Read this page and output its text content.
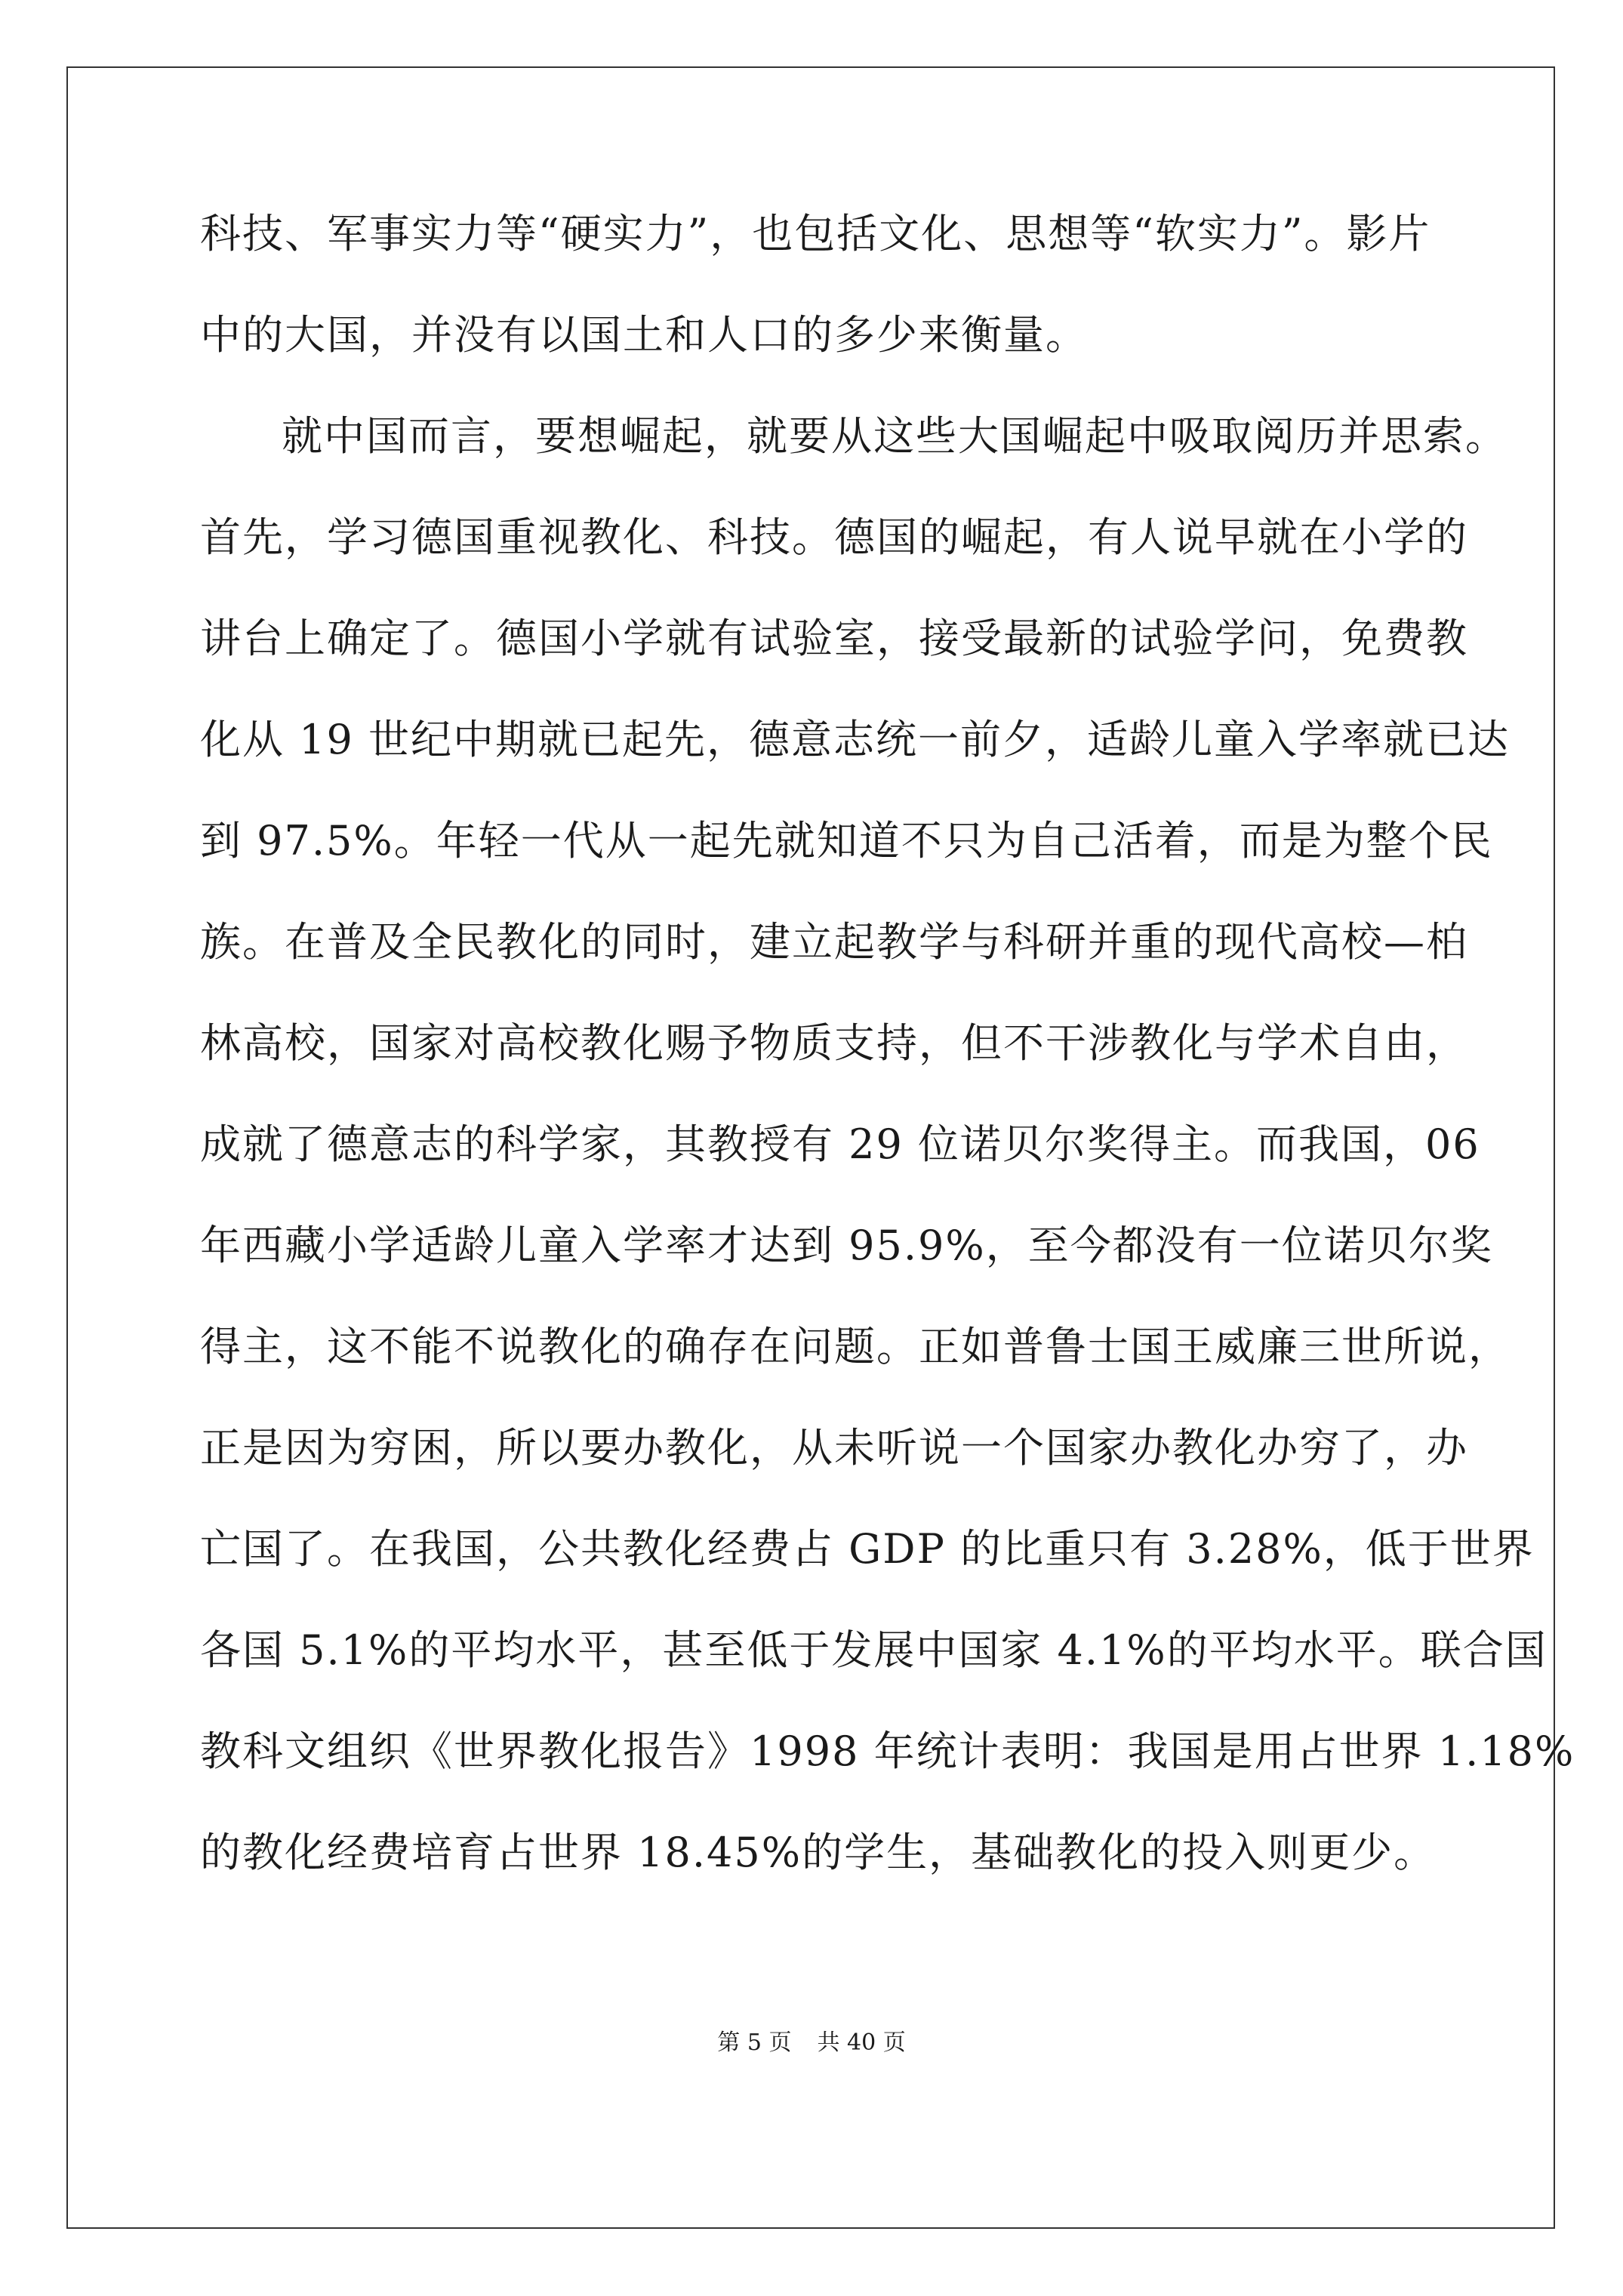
科技、军事实力等“硬实力”，也包括文化、思想等“软实力”。影片
中的大国，并没有以国土和人口的多少来衡量。
就中国而言，要想崛起，就要从这些大国崛起中吸取阅历并思索。
首先，学习德国重视教化、科技。德国的崛起，有人说早就在小学的
讲台上确定了。德国小学就有试验室，接受最新的试验学问，免费教
化从 19 世纪中期就已起先，德意志统一前夕，适龄儿童入学率就已达
到 97.5%。年轻一代从一起先就知道不只为自己活着，而是为整个民
族。在普及全民教化的同时，建立起教学与科研并重的现代高校—柏
林高校，国家对高校教化赐予物质支持，但不干涉教化与学术自由，
成就了德意志的科学家，其教授有 29 位诺贝尔奖得主。而我国，06
年西藏小学适龄儿童入学率才达到 95.9%，至今都没有一位诺贝尔奖
得主，这不能不说教化的确存在问题。正如普鲁士国王威廉三世所说，
正是因为穷困，所以要办教化，从未听说一个国家办教化办穷了，办
亡国了。在我国，公共教化经费占 GDP 的比重只有 3.28%，低于世界
各国 5.1%的平均水平，甚至低于发展中国家 4.1%的平均水平。联合国
教科文组织《世界教化报告》1998 年统计表明：我国是用占世界 1.18%
的教化经费培育占世界 18.45%的学生，基础教化的投入则更少。
第 5 页 共 40 页
